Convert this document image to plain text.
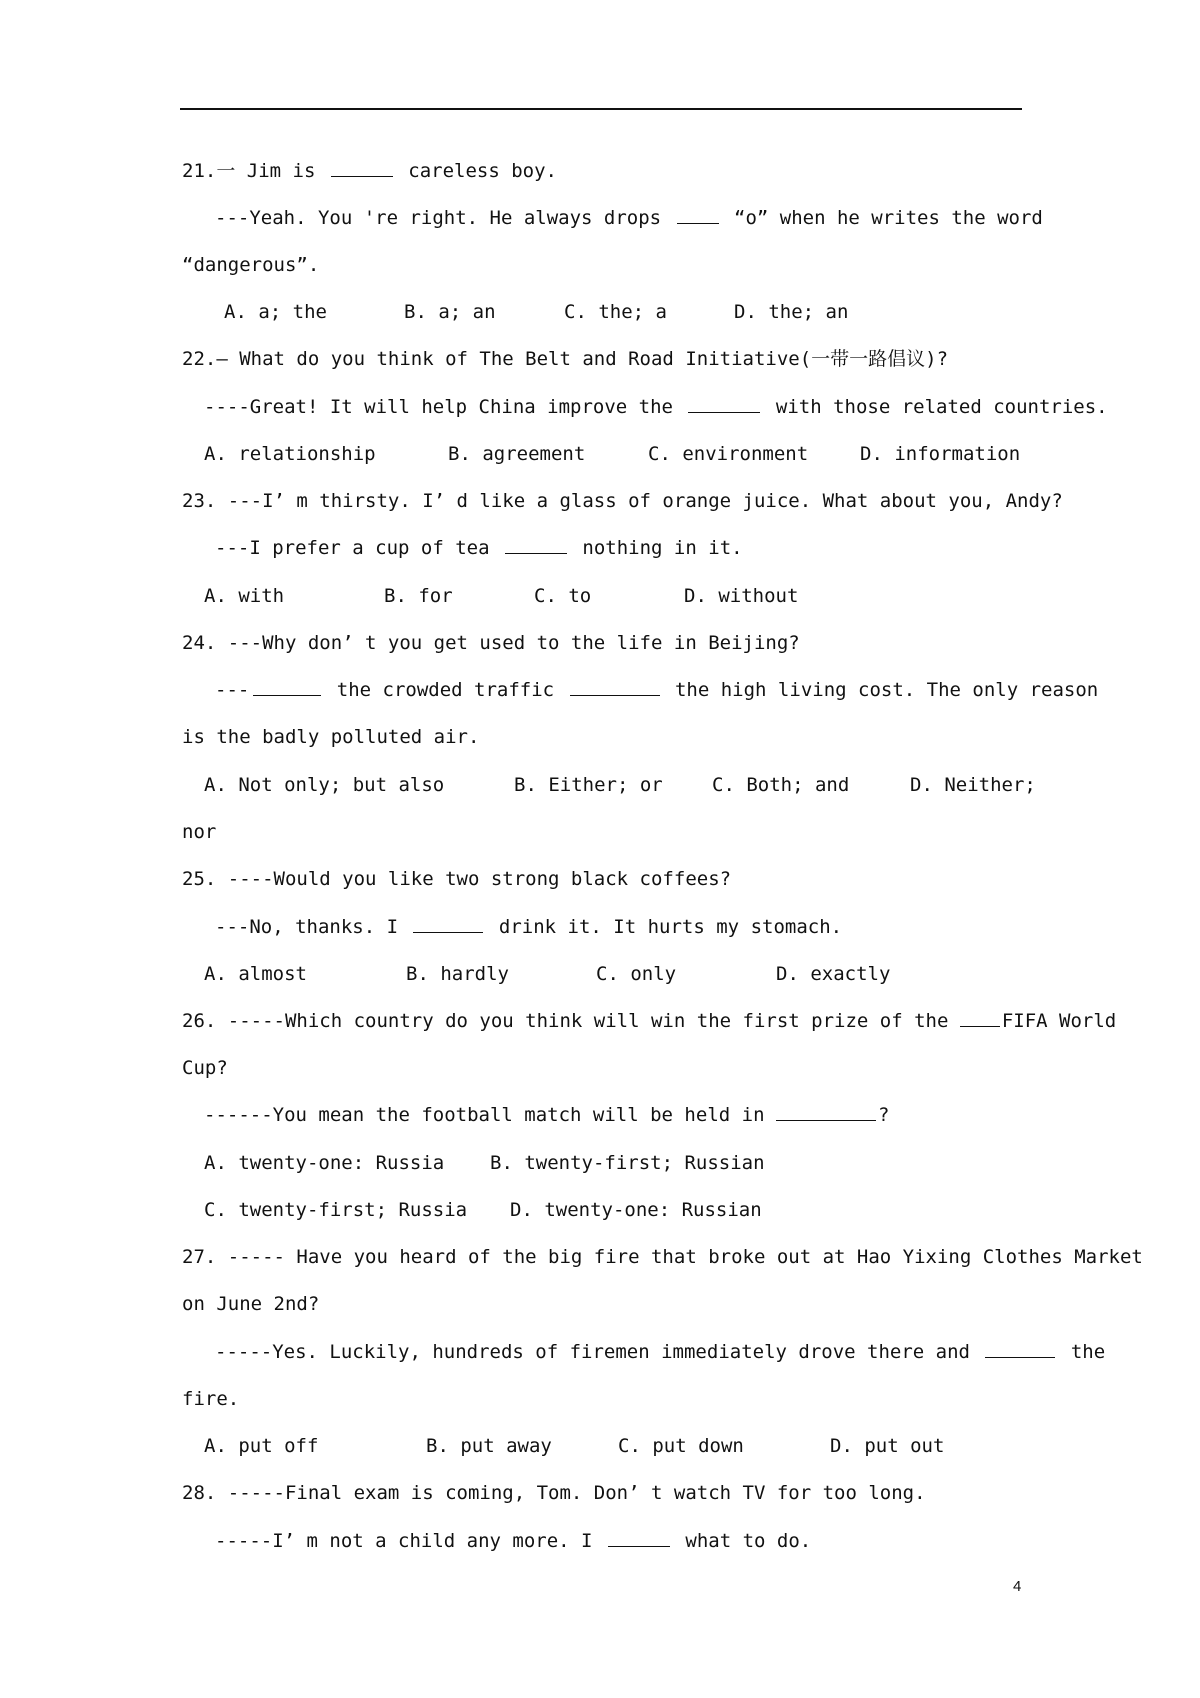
21.一 Jim is	careless boy.
---Yeah. You 're right. He always drops	“o” when he writes the word
“dangerous”.
A. a; the	B. a; an	C. the; a	D. the; an
22.— What do you think of The Belt and Road Initiative(一带一路倡议)?
----Great! It will help China improve the	with those related countries.
A. relationship	B. agreement	C. environment	D. information
23. ---I’ m thirsty. I’ d like a glass of orange juice. What about you, Andy?
---I prefer a cup of tea	nothing in it.
A. with	B. for	C. to	D. without
24. ---Why don’ t you get used to the life in Beijing?
---	the crowded traffic	the high living cost. The only reason
is the badly polluted air.
A. Not only; but also	B. Either; or	C. Both; and	D. Neither;
nor
25. ----Would you like two strong black coffees?
---No, thanks. I	drink it. It hurts my stomach.
A. almost	B. hardly	C. only	D. exactly
26. -----Which country do you think will win the first prize of the FIFA World
Cup?
------You mean the football match will be held in	?
A. twenty-one: Russia	B. twenty-first; Russian
C. twenty-first; Russia	D. twenty-one: Russian
27. ----- Have you heard of the big fire that broke out at Hao Yixing Clothes Market
on June 2nd?
-----Yes. Luckily, hundreds of firemen immediately drove there and	the
fire.
A. put off	B. put away	C. put down	D. put out
28. -----Final exam is coming, Tom. Don’ t watch TV for too long.
-----I’ m not a child any more. I	what to do.
4
